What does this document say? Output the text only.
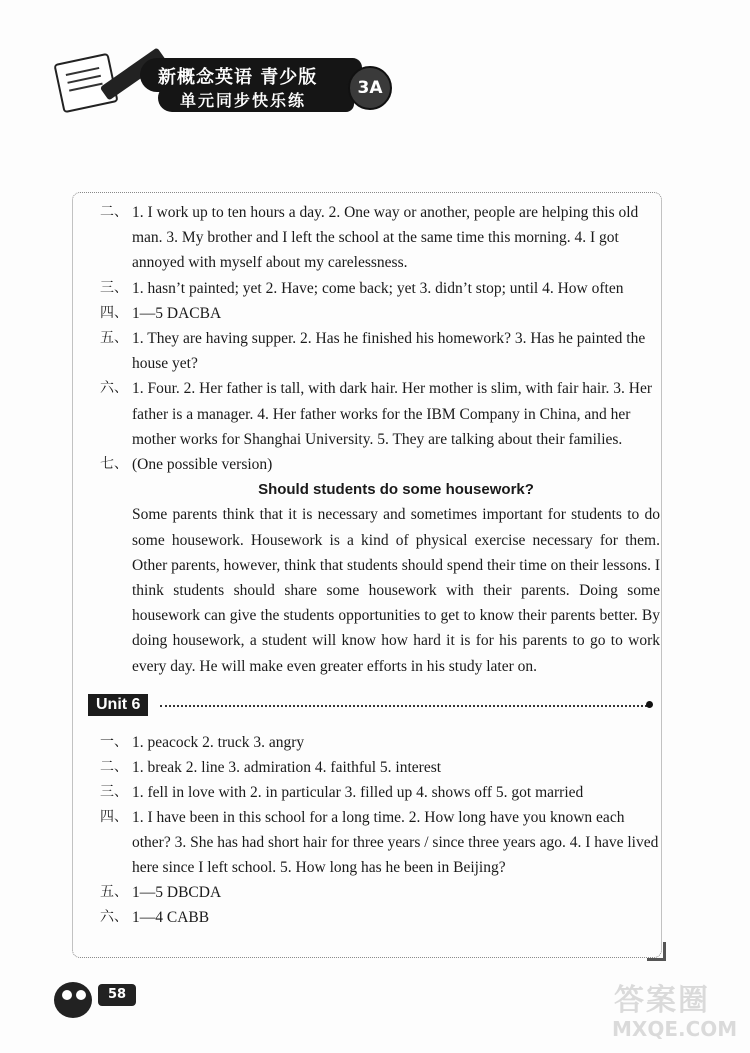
新概念英语 青少版
单元同步快乐练
3A

二、 1. I work up to ten hours a day. 2. One way or another, people are helping this old man. 3. My brother and I left the school at the same time this morning. 4. I got annoyed with myself about my carelessness.

三、 1. hasn’t painted; yet 2. Have; come back; yet 3. didn’t stop; until 4. How often

四、 1—5 DACBA

五、 1. They are having supper. 2. Has he finished his homework? 3. Has he painted the house yet?

六、 1. Four. 2. Her father is tall, with dark hair. Her mother is slim, with fair hair. 3. Her father is a manager. 4. Her father works for the IBM Company in China, and her mother works for Shanghai University. 5. They are talking about their families.

七、 (One possible version)

Should students do some housework?

Some parents think that it is necessary and sometimes important for students to do some housework. Housework is a kind of physical exercise necessary for them. Other parents, however, think that students should spend their time on their lessons. I think students should share some housework with their parents. Doing some housework can give the students opportunities to get to know their parents better. By doing housework, a student will know how hard it is for his parents to go to work every day. He will make even greater efforts in his study later on.

Unit 6

一、 1. peacock 2. truck 3. angry

二、 1. break 2. line 3. admiration 4. faithful 5. interest

三、 1. fell in love with 2. in particular 3. filled up 4. shows off 5. got married

四、 1. I have been in this school for a long time. 2. How long have you known each other? 3. She has had short hair for three years / since three years ago. 4. I have lived here since I left school. 5. How long has he been in Beijing?

五、 1—5 DBCDA

六、 1—4 CABB

58	答案圈
MXQE.COM
